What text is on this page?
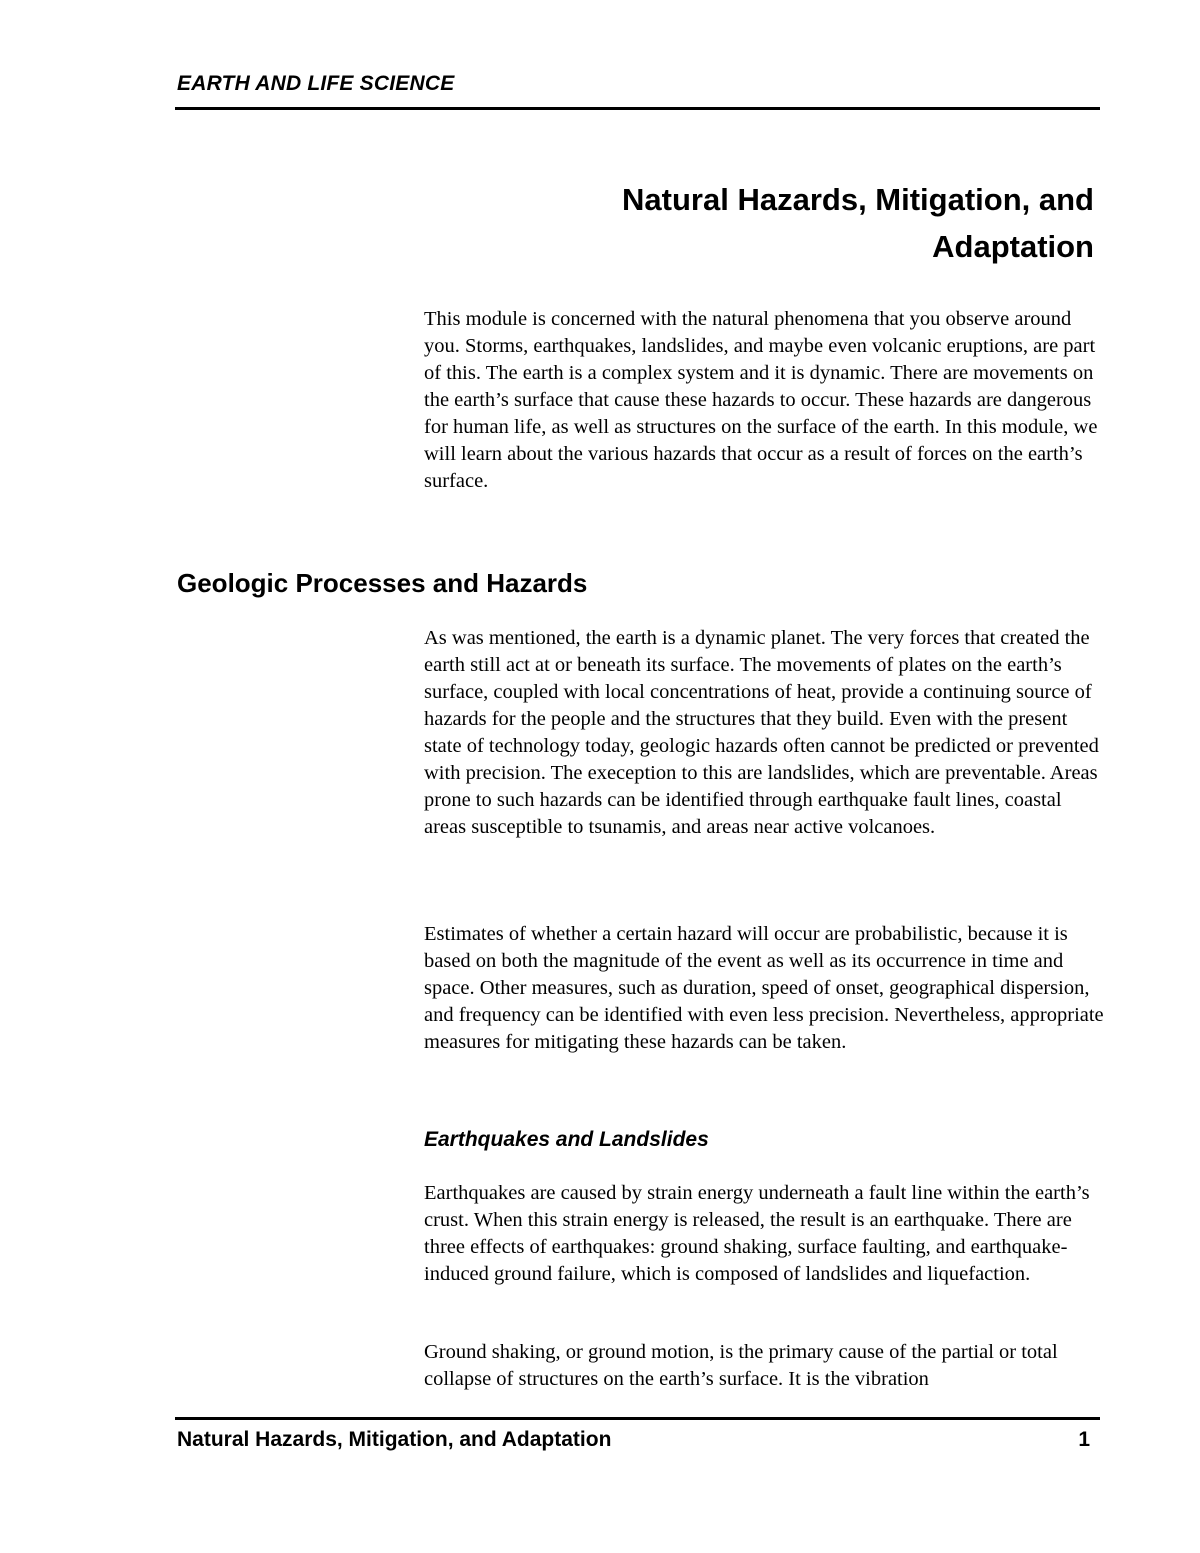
EARTH AND LIFE SCIENCE
Natural Hazards, Mitigation, and
Adaptation

This module is concerned with the natural phenomena that you observe around you. Storms, earthquakes, landslides, and maybe even volcanic eruptions, are part of this. The earth is a complex system and it is dynamic. There are movements on the earth’s surface that cause these hazards to occur. These hazards are dangerous for human life, as well as structures on the surface of the earth. In this module, we will learn about the various hazards that occur as a result of forces on the earth’s surface.

Geologic Processes and Hazards

As was mentioned, the earth is a dynamic planet. The very forces that created the earth still act at or beneath its surface. The movements of plates on the earth’s surface, coupled with local concentrations of heat, provide a continuing source of hazards for the people and the structures that they build. Even with the present state of technology today, geologic hazards often cannot be predicted or prevented with precision. The exeception to this are landslides, which are preventable. Areas prone to such hazards can be identified through earthquake fault lines, coastal areas susceptible to tsunamis, and areas near active volcanoes.

Estimates of whether a certain hazard will occur are probabilistic, because it is based on both the magnitude of the event as well as its occurrence in time and space. Other measures, such as duration, speed of onset, geographical dispersion, and frequency can be identified with even less precision. Nevertheless, appropriate measures for mitigating these hazards can be taken.

Earthquakes and Landslides

Earthquakes are caused by strain energy underneath a fault line within the earth’s crust. When this strain energy is released, the result is an earthquake. There are three effects of earthquakes: ground shaking, surface faulting, and earthquake-induced ground failure, which is composed of landslides and liquefaction.

Ground shaking, or ground motion, is the primary cause of the partial or total collapse of structures on the earth’s surface. It is the vibration

Natural Hazards, Mitigation, and Adaptation	1
